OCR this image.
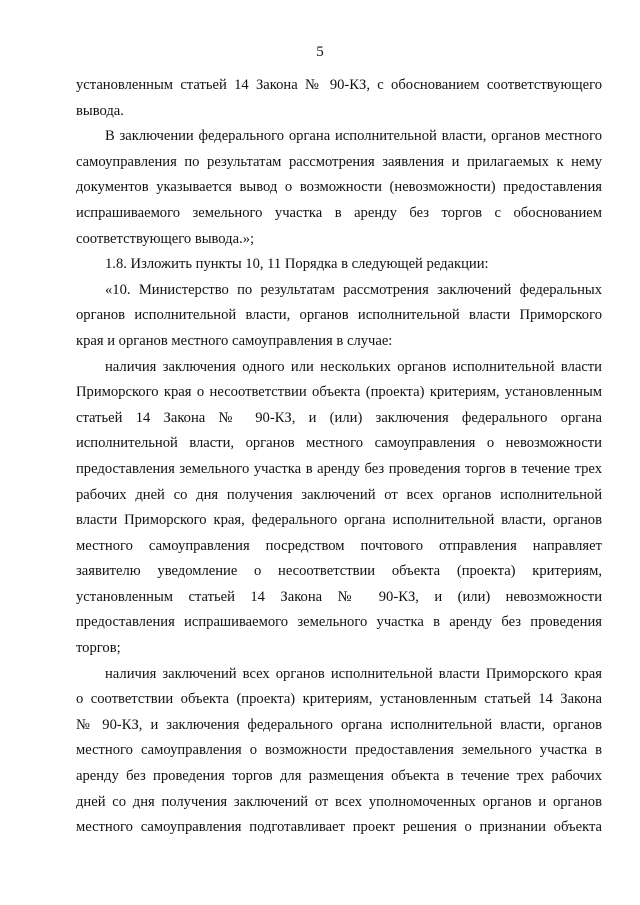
5
установленным статьей 14 Закона № 90-КЗ, с обоснованием соответствующего
вывода.
В заключении федерального органа исполнительной власти, органов местного
самоуправления по результатам рассмотрения заявления и прилагаемых к нему
документов указывается вывод о возможности (невозможности) предоставления
испрашиваемого земельного участка в аренду без торгов с обоснованием
соответствующего вывода.»;
1.8. Изложить пункты 10, 11 Порядка в следующей редакции:
«10. Министерство по результатам рассмотрения заключений федеральных
органов исполнительной власти, органов исполнительной власти Приморского
края и органов местного самоуправления в случае:
наличия заключения одного или нескольких органов исполнительной власти
Приморского края о несоответствии объекта (проекта) критериям, установленным
статьей 14 Закона № 90-КЗ, и (или) заключения федерального органа
исполнительной власти, органов местного самоуправления о невозможности
предоставления земельного участка в аренду без проведения торгов в течение трех
рабочих дней со дня получения заключений от всех органов исполнительной
власти Приморского края, федерального органа исполнительной власти, органов
местного самоуправления посредством почтового отправления направляет
заявителю уведомление о несоответствии объекта (проекта) критериям,
установленным статьей 14 Закона № 90-КЗ, и (или) невозможности
предоставления испрашиваемого земельного участка в аренду без проведения
торгов;
наличия заключений всех органов исполнительной власти Приморского края
о соответствии объекта (проекта) критериям, установленным статьей 14 Закона
№ 90-КЗ, и заключения федерального органа исполнительной власти, органов
местного самоуправления о возможности предоставления земельного участка в
аренду без проведения торгов для размещения объекта в течение трех рабочих
дней со дня получения заключений от всех уполномоченных органов и органов
местного самоуправления подготавливает проект решения о признании объекта
